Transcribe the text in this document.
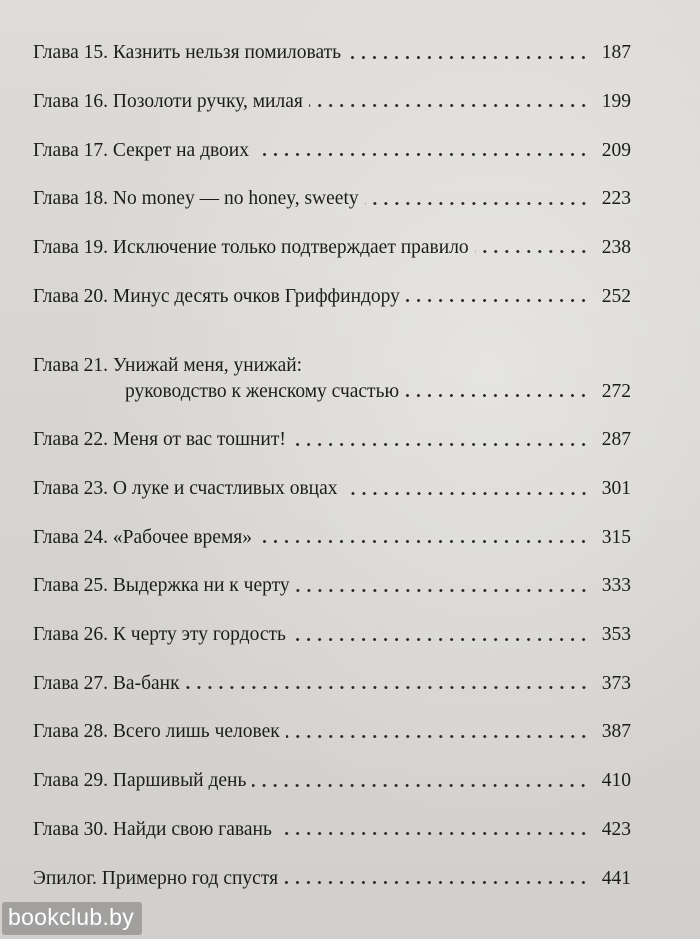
Глава 15. Казнить нельзя помиловать	187
Глава 16. Позолоти ручку, милая	199
Глава 17. Секрет на двоих	209
Глава 18. No money — no honey, sweety	223
Глава 19. Исключение только подтверждает правило	238
Глава 20. Минус десять очков Гриффиндору	252
Глава 21. Унижай меня, унижай:
руководство к женскому счастью	272
Глава 22. Меня от вас тошнит!	287
Глава 23. О луке и счастливых овцах	301
Глава 24. «Рабочее время»	315
Глава 25. Выдержка ни к черту	333
Глава 26. К черту эту гордость	353
Глава 27. Ва-банк	373
Глава 28. Всего лишь человек	387
Глава 29. Паршивый день	410
Глава 30. Найди свою гавань	423
Эпилог. Примерно год спустя	441
bookclub.by
